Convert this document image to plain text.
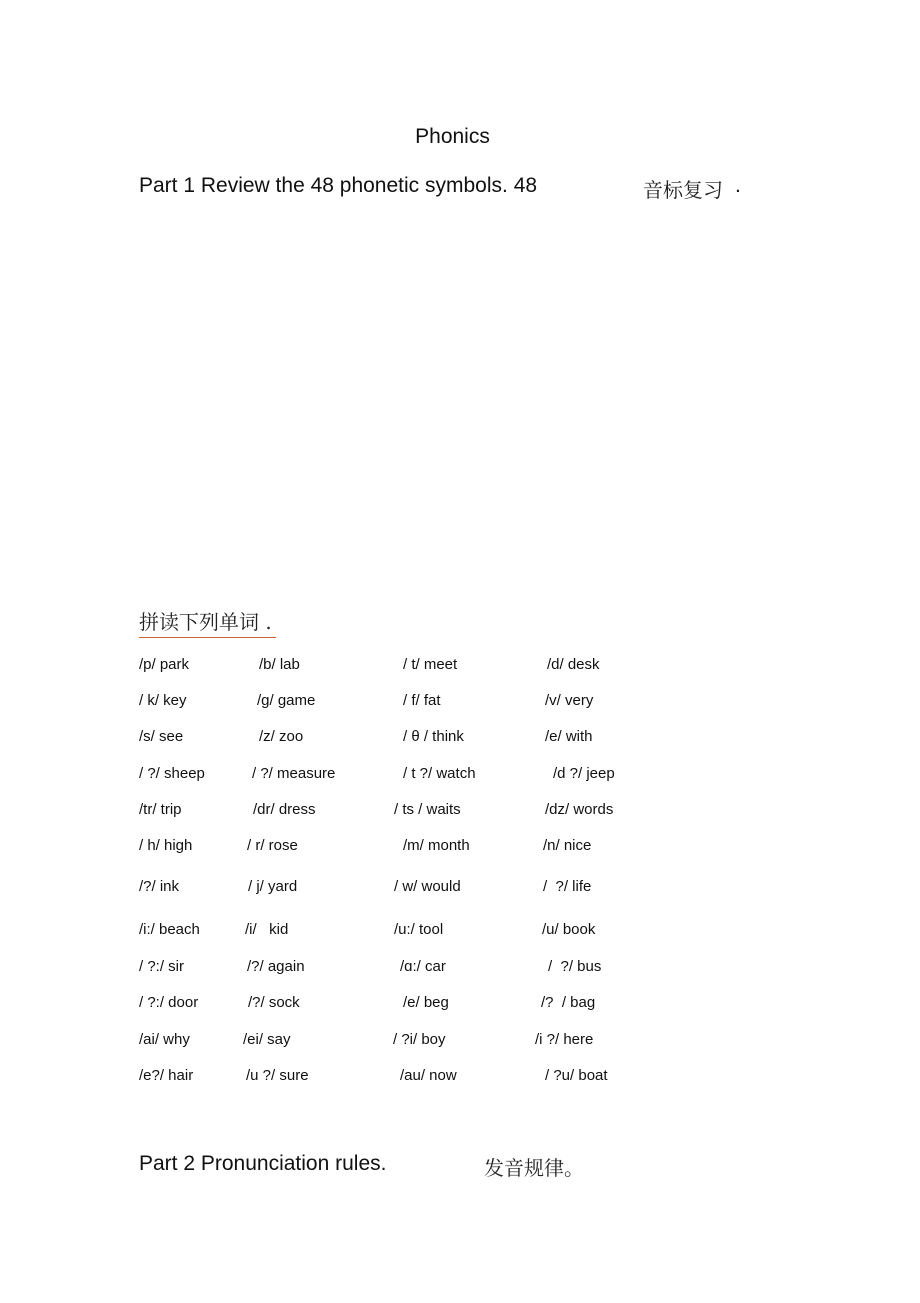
Phonics
Part 1 Review the 48 phonetic symbols. 48	音标复习 .
拼读下列单词 .
/p/ park	/b/ lab	/ t/ meet	/d/ desk
/ k/ key	/g/ game	/ f/ fat	/v/ very
/s/ see	/z/ zoo	/ θ / think	/e/ with
/ ?/ sheep	/ ?/ measure	/ t ?/ watch	/d ?/ jeep
/tr/ trip	/dr/ dress	/ ts / waits	/dz/ words
/ h/ high	/ r/ rose	/m/ month	/n/ nice
/?/ ink	/ j/ yard	/ w/ would	/  ?/ life
/i:/ beach	/i/   kid	/u:/ tool	/u/ book
/ ?:/ sir	/?/ again	/ɑ:/ car	/  ?/ bus
/ ?:/ door	/?/ sock	/e/ beg	/?  / bag
/ai/ why	/ei/ say	/ ?i/ boy	/i ?/ here
/e?/ hair	/u ?/ sure	/au/ now	/ ?u/ boat
Part 2 Pronunciation rules.	发音规律。
